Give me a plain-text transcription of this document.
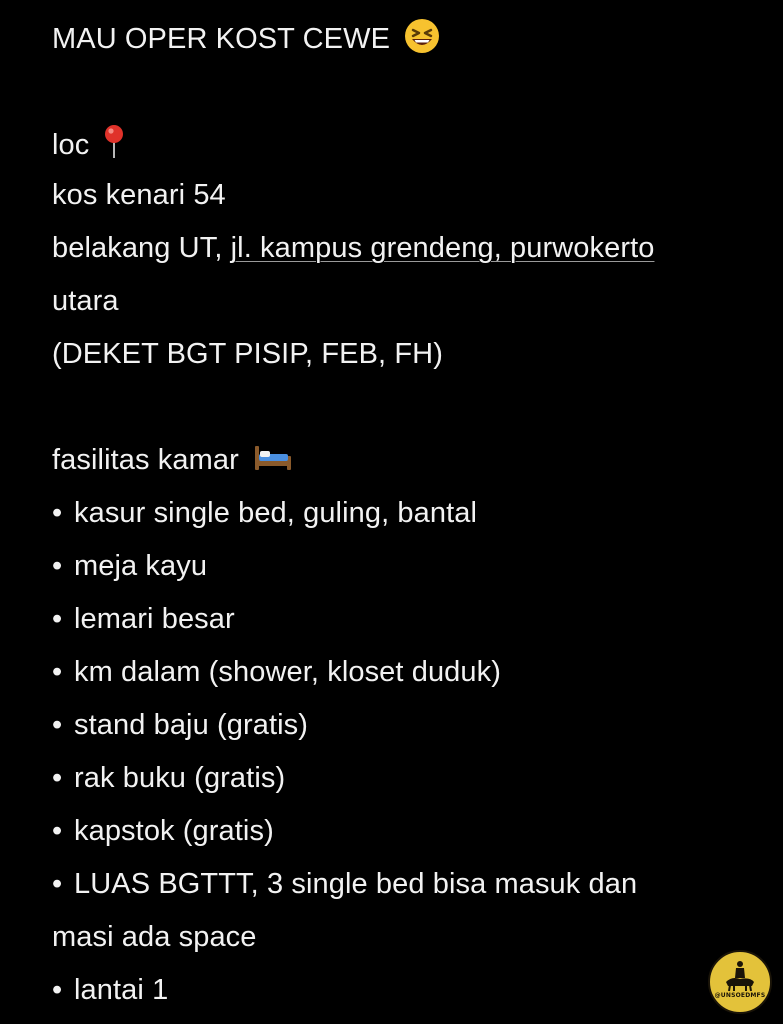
MAU OPER KOST CEWE
loc
kos kenari 54
belakang UT, jl. kampus grendeng, purwokerto
utara
(DEKET BGT PISIP, FEB, FH)
fasilitas kamar
• kasur single bed, guling, bantal
• meja kayu
• lemari besar
• km dalam (shower, kloset duduk)
• stand baju (gratis)
• rak buku (gratis)
• kapstok (gratis)
• LUAS BGTTT, 3 single bed bisa masuk dan
masi ada space
• lantai 1	@UNSOEDMFS
